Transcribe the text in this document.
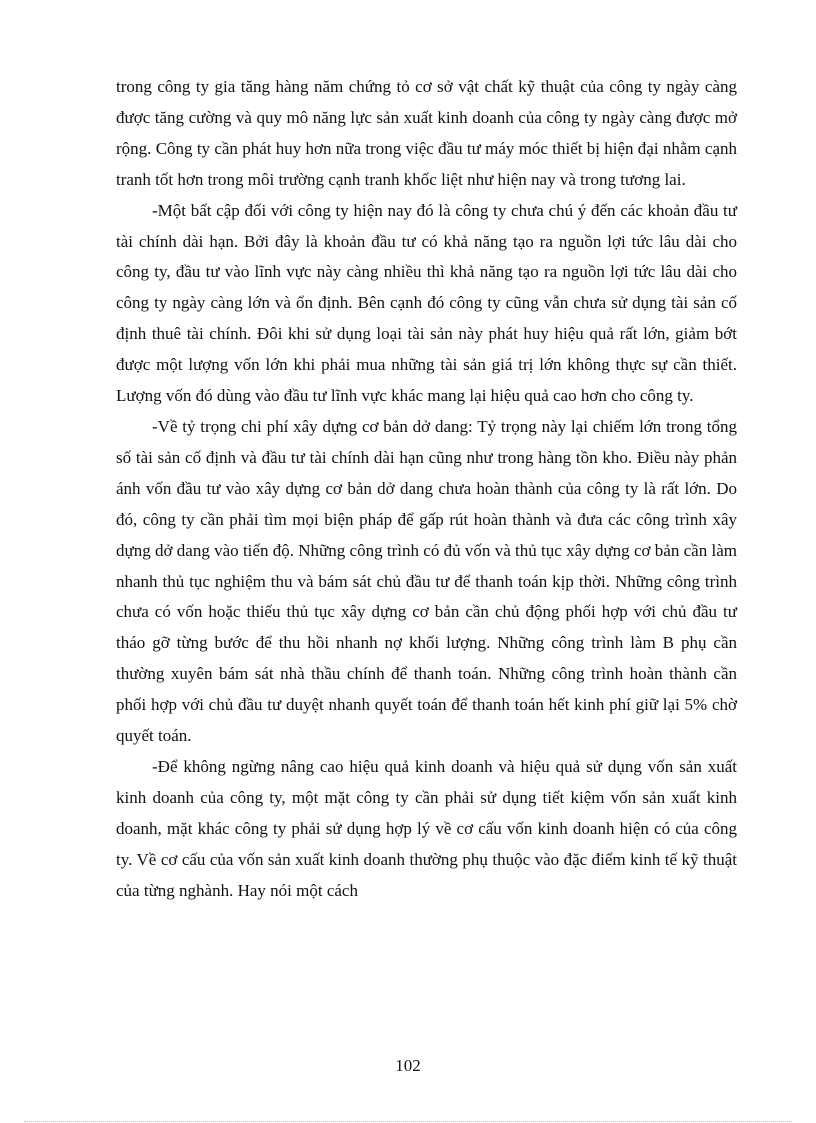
trong công ty gia tăng hàng năm chứng tỏ cơ sở vật chất kỹ thuật của công ty ngày càng được tăng cường và quy mô năng lực sản xuất kinh doanh của công ty ngày càng được mở rộng. Công ty cần phát huy hơn nữa trong việc đầu tư máy móc thiết bị hiện đại nhằm cạnh tranh tốt hơn trong môi trường cạnh tranh khốc liệt như hiện nay và trong tương lai.

-Một bất cập đối với công ty hiện nay đó là công ty chưa chú ý đến các khoản đầu tư tài chính dài hạn. Bởi đây là khoản đầu tư có khả năng tạo ra nguồn lợi tức lâu dài cho công ty, đầu tư vào lĩnh vực này càng nhiều thì khả năng tạo ra nguồn lợi tức lâu dài cho công ty ngày càng lớn và ổn định. Bên cạnh đó công ty cũng vẫn chưa sử dụng tài sản cố định thuê tài chính. Đôi khi sử dụng loại tài sản này phát huy hiệu quả rất lớn, giảm bớt được một lượng vốn lớn khi phải mua những tài sản giá trị lớn không thực sự cần thiết. Lượng vốn đó dùng vào đầu tư lĩnh vực khác mang lại hiệu quả cao hơn cho công ty.

-Về tỷ trọng chi phí xây dựng cơ bản dở dang: Tỷ trọng này lại chiếm lớn trong tổng số tài sản cố định và đầu tư tài chính dài hạn cũng như trong hàng tồn kho. Điều này phản ánh vốn đầu tư vào xây dựng cơ bản dở dang chưa hoàn thành của công ty là rất lớn. Do đó, công ty cần phải tìm mọi biện pháp để gấp rút hoàn thành và đưa các công trình xây dựng dở dang vào tiến độ. Những công trình có đủ vốn và thủ tục xây dựng cơ bản cần làm nhanh thủ tục nghiệm thu và bám sát chủ đầu tư để thanh toán kịp thời. Những công trình chưa có vốn hoặc thiếu thủ tục xây dựng cơ bản cần chủ động phối hợp với chủ đầu tư tháo gỡ từng bước để thu hồi nhanh nợ khối lượng. Những công trình làm B phụ cần thường xuyên bám sát nhà thầu chính để thanh toán. Những công trình hoàn thành cần phối hợp với chủ đầu tư duyệt nhanh quyết toán để thanh toán hết kinh phí giữ lại 5% chờ quyết toán.

-Để không ngừng nâng cao hiệu quả kinh doanh và hiệu quả sử dụng vốn sản xuất kinh doanh của công ty, một mặt công ty cần phải sử dụng tiết kiệm vốn sản xuất kinh doanh, mặt khác công ty phải sử dụng hợp lý về cơ cấu vốn kinh doanh hiện có của công ty. Về cơ cấu của vốn sản xuất kinh doanh thường phụ thuộc vào đặc điểm kinh tế kỹ thuật của từng nghành. Hay nói một cách

102
